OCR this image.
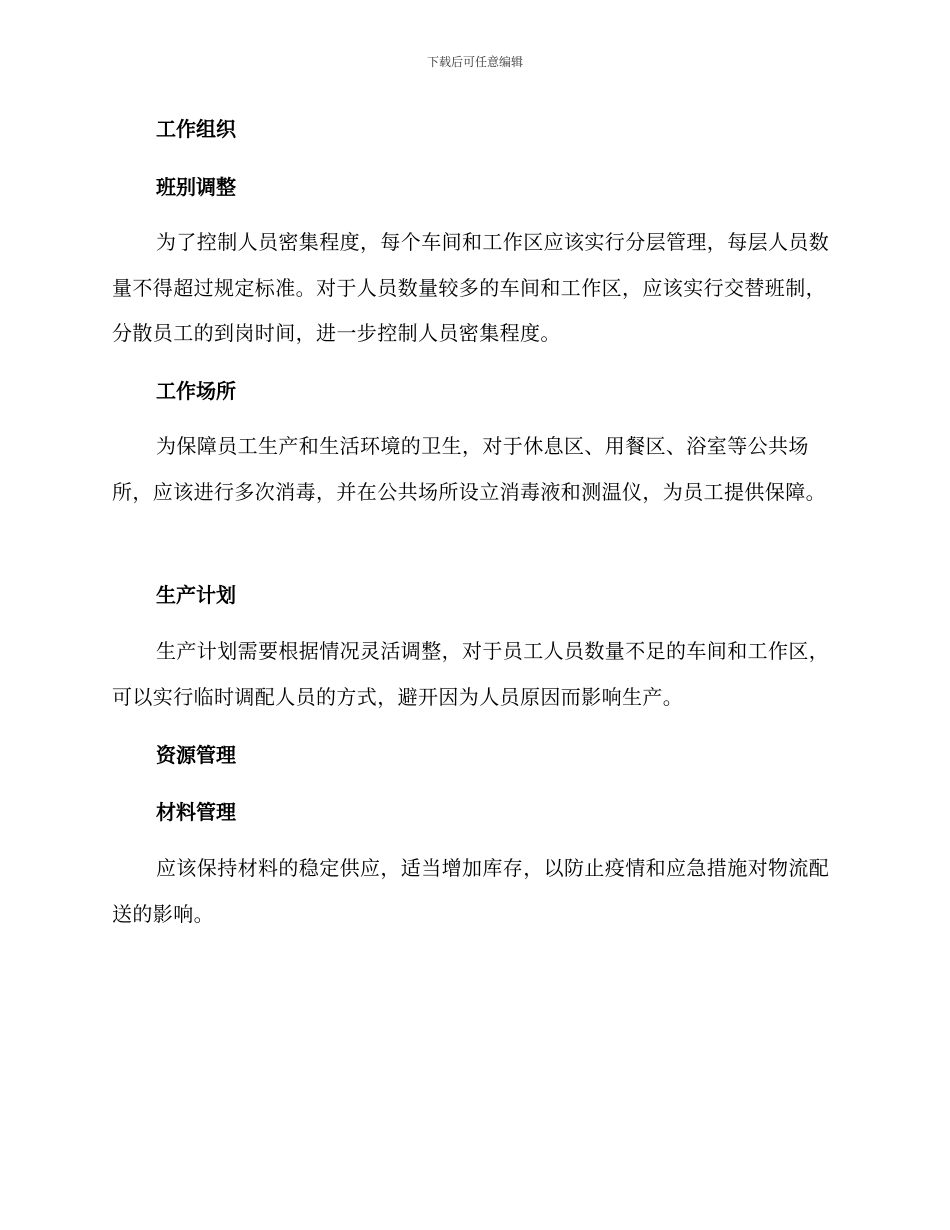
下载后可任意编辑
工作组织
班别调整

为了控制人员密集程度，每个车间和工作区应该实行分层管理，每层人员数量不得超过规定标准。对于人员数量较多的车间和工作区，应该实行交替班制，分散员工的到岗时间，进一步控制人员密集程度。

工作场所

为保障员工生产和生活环境的卫生，对于休息区、用餐区、浴室等公共场所，应该进行多次消毒，并在公共场所设立消毒液和测温仪，为员工提供保障。

生产计划

生产计划需要根据情况灵活调整，对于员工人员数量不足的车间和工作区，可以实行临时调配人员的方式，避开因为人员原因而影响生产。

资源管理
材料管理

应该保持材料的稳定供应，适当增加库存，以防止疫情和应急措施对物流配送的影响。
